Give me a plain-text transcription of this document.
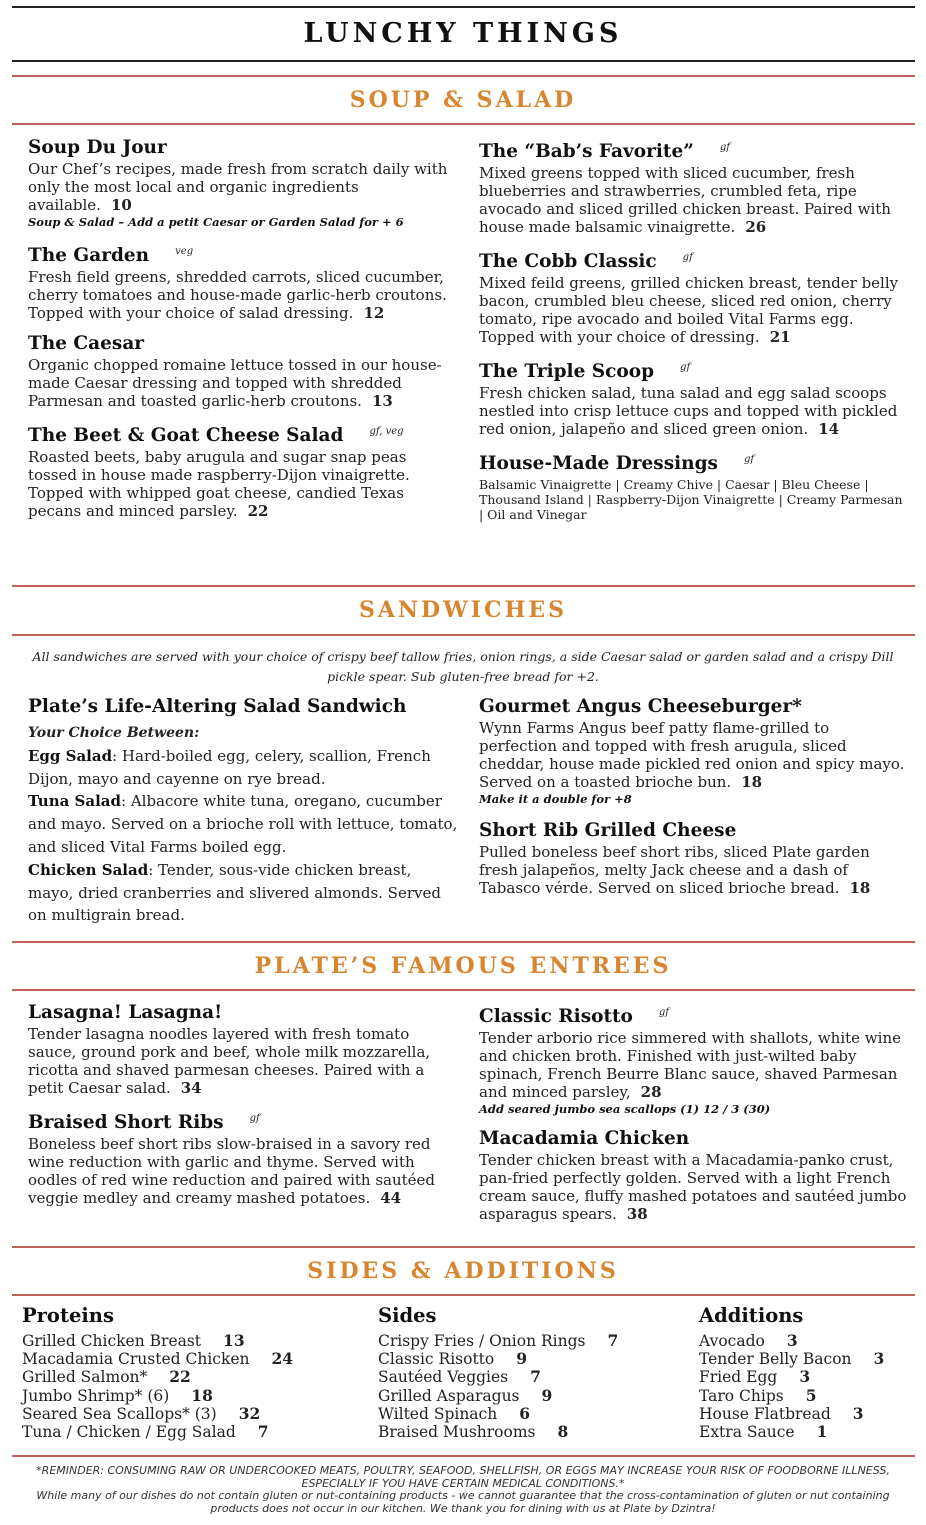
LUNCHY THINGS
SOUP & SALAD
Soup Du Jour
Our Chef’s recipes, made fresh from scratch daily with only the most local and organic ingredients available. 10
Soup & Salad – Add a petit Caesar or Garden Salad for + 6
The Garden	$^{veg}$
Fresh field greens, shredded carrots, sliced cucumber, cherry tomatoes and house-made garlic-herb croutons. Topped with your choice of salad dressing. 12
The Caesar
Organic chopped romaine lettuce tossed in our house-made Caesar dressing and topped with shredded Parmesan and toasted garlic-herb croutons. 13
The Beet & Goat Cheese Salad	$^{gf, veg}$
Roasted beets, baby arugula and sugar snap peas tossed in house made raspberry-Dijon vinaigrette. Topped with whipped goat cheese, candied Texas pecans and minced parsley. 22
The “Bab’s Favorite”	$^{gf}$
Mixed greens topped with sliced cucumber, fresh blueberries and strawberries, crumbled feta, ripe avocado and sliced grilled chicken breast. Paired with house made balsamic vinaigrette. 26
The Cobb Classic	$^{gf}$
Mixed feild greens, grilled chicken breast, tender belly bacon, crumbled bleu cheese, sliced red onion, cherry tomato, ripe avocado and boiled Vital Farms egg. Topped with your choice of dressing. 21
The Triple Scoop	$^{gf}$
Fresh chicken salad, tuna salad and egg salad scoops nestled into crisp lettuce cups and topped with pickled red onion, jalapeño and sliced green onion. 14
House-Made Dressings	$^{gf}$
Balsamic Vinaigrette | Creamy Chive | Caesar | Bleu Cheese | Thousand Island | Raspberry-Dijon Vinaigrette | Creamy Parmesan | Oil and Vinegar
SANDWICHES
All sandwiches are served with your choice of crispy beef tallow fries, onion rings, a side Caesar salad or garden salad and a crispy Dill pickle spear. Sub gluten-free bread for +2.
Plate’s Life-Altering Salad Sandwich
Your Choice Between:
Egg Salad: Hard-boiled egg, celery, scallion, French Dijon, mayo and cayenne on rye bread.
Tuna Salad: Albacore white tuna, oregano, cucumber and mayo. Served on a brioche roll with lettuce, tomato, and sliced Vital Farms boiled egg.
Chicken Salad: Tender, sous-vide chicken breast, mayo, dried cranberries and slivered almonds. Served on multigrain bread.
Gourmet Angus Cheeseburger*
Wynn Farms Angus beef patty flame-grilled to perfection and topped with fresh arugula, sliced cheddar, house made pickled red onion and spicy mayo. Served on a toasted brioche bun. 18
Make it a double for +8
Short Rib Grilled Cheese
Pulled boneless beef short ribs, sliced Plate garden fresh jalapeños, melty Jack cheese and a dash of Tabasco vérde. Served on sliced brioche bread. 18
PLATE’S FAMOUS ENTREES
Lasagna! Lasagna!
Tender lasagna noodles layered with fresh tomato sauce, ground pork and beef, whole milk mozzarella, ricotta and shaved parmesan cheeses. Paired with a petit Caesar salad. 34
Braised Short Ribs	$^{gf}$
Boneless beef short ribs slow-braised in a savory red wine reduction with garlic and thyme. Served with oodles of red wine reduction and paired with sautéed veggie medley and creamy mashed potatoes. 44
Classic Risotto	$^{gf}$
Tender arborio rice simmered with shallots, white wine and chicken broth. Finished with just-wilted baby spinach, French Beurre Blanc sauce, shaved Parmesan and minced parsley, 28
Add seared jumbo sea scallops (1) 12 / 3 (30)
Macadamia Chicken
Tender chicken breast with a Macadamia-panko crust, pan-fried perfectly golden. Served with a light French cream sauce, fluffy mashed potatoes and sautéed jumbo asparagus spears. 38
SIDES & ADDITIONS
Proteins
Grilled Chicken Breast 13
Macadamia Crusted Chicken 24
Grilled Salmon* 22
Jumbo Shrimp* (6) 18
Seared Sea Scallops* (3) 32
Tuna / Chicken / Egg Salad 7
Sides
Crispy Fries / Onion Rings 7
Classic Risotto 9
Sautéed Veggies 7
Grilled Asparagus 9
Wilted Spinach 6
Braised Mushrooms 8
Additions
Avocado 3
Tender Belly Bacon 3
Fried Egg 3
Taro Chips 5
House Flatbread 3
Extra Sauce 1
*REMINDER: CONSUMING RAW OR UNDERCOOKED MEATS, POULTRY, SEAFOOD, SHELLFISH, OR EGGS MAY INCREASE YOUR RISK OF FOODBORNE ILLNESS, ESPECIALLY IF YOU HAVE CERTAIN MEDICAL CONDITIONS.*
While many of our dishes do not contain gluten or nut-containing products - we cannot guarantee that the cross-contamination of gluten or nut containing products does not occur in our kitchen. We thank you for dining with us at Plate by Dzintra!
